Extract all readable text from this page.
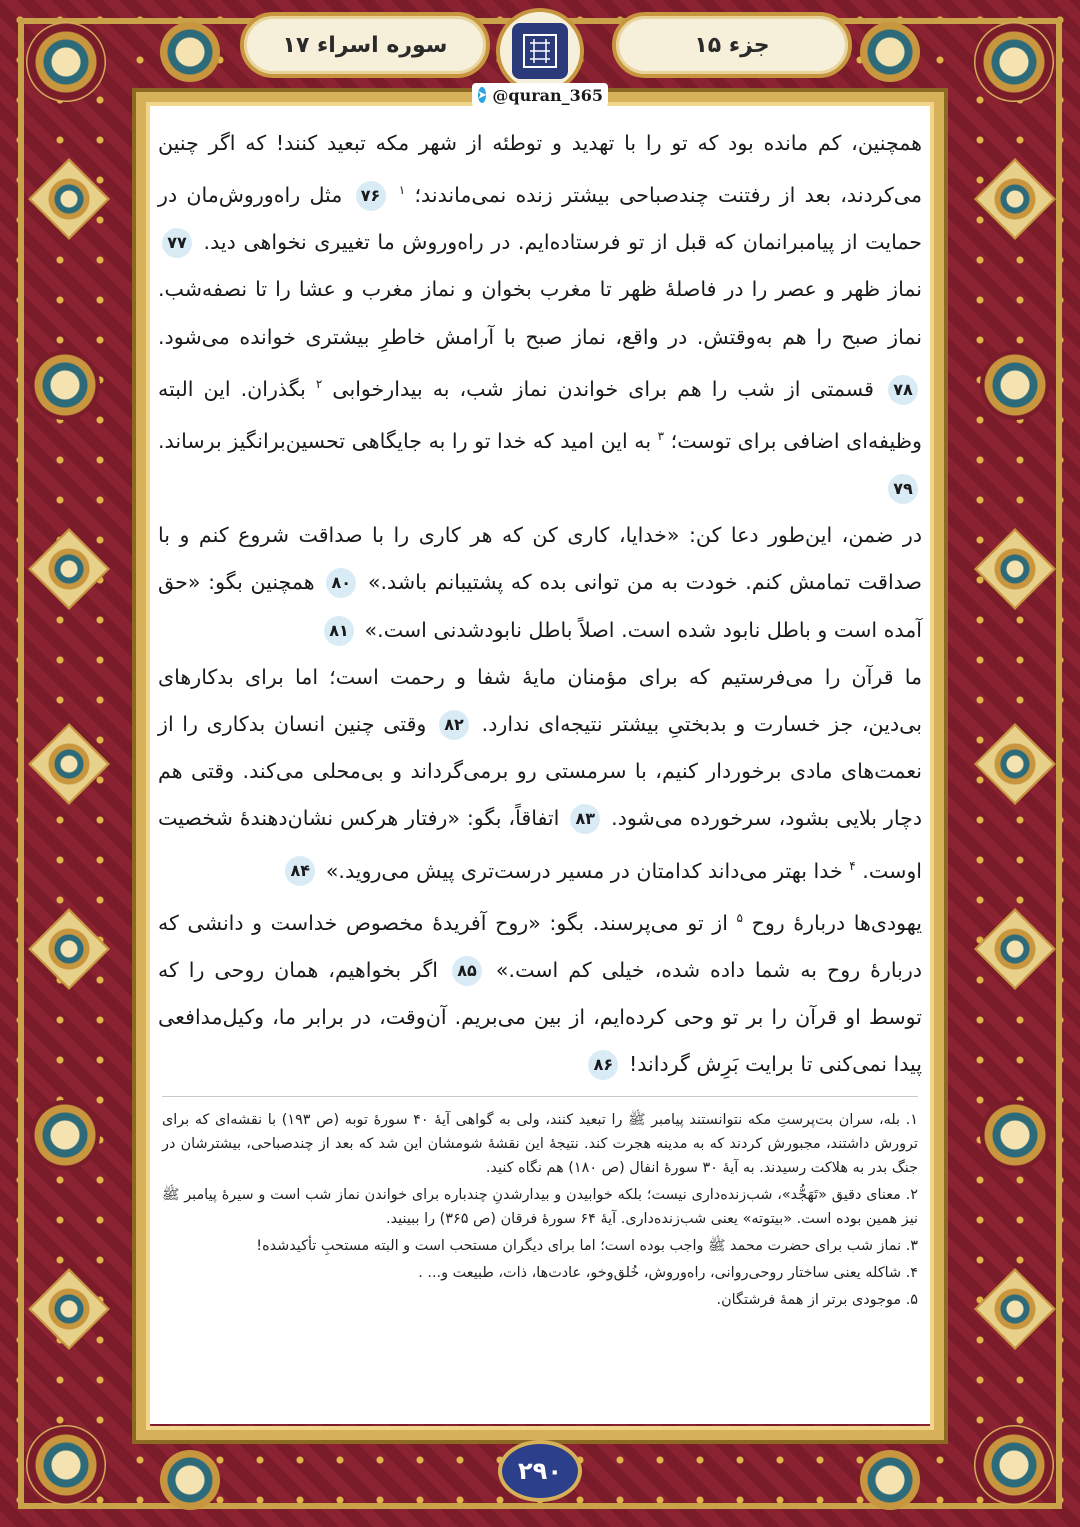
سوره اسراء ۱۷	جزء ۱۵
➤ @quran_365

همچنین، کم مانده بود که تو را با تهدید و توطئه از شهر مکه تبعید کنند! که اگر چنین می‌کردند، بعد از رفتنت چندصباحی بیشتر زنده نمی‌ماندند؛ $^۱$ ۷۶ مثل راه‌وروش‌مان در حمایت از پیامبرانمان که قبل از تو فرستاده‌ایم. در راه‌وروش ما تغییری نخواهی دید. ۷۷ نماز ظهر و عصر را در فاصلهٔ ظهر تا مغرب بخوان و نماز مغرب و عشا را تا نصفه‌شب. نماز صبح را هم به‌وقتش. در واقع، نماز صبح با آرامش خاطرِ بیشتری خوانده می‌شود. ۷۸ قسمتی از شب را هم برای خواندن نماز شب، به بیدارخوابی $^۲$ بگذران. این البته وظیفه‌ای اضافی برای توست؛ $^۳$ به این امید که خدا تو را به جایگاهی تحسین‌برانگیز برساند. ۷۹

در ضمن، این‌طور دعا کن: «خدایا، کاری کن که هر کاری را با صداقت شروع کنم و با صداقت تمامش کنم. خودت به من توانی بده که پشتیبانم باشد.» ۸۰ همچنین بگو: «حق آمده است و باطل نابود شده است. اصلاً باطل نابودشدنی است.» ۸۱

ما قرآن را می‌فرستیم که برای مؤمنان مایهٔ شفا و رحمت است؛ اما برای بدکارهای بی‌دین، جز خسارت و بدبختیِ بیشتر نتیجه‌ای ندارد. ۸۲ وقتی چنین انسان بدکاری را از نعمت‌های مادی برخوردار کنیم، با سرمستی رو برمی‌گرداند و بی‌محلی می‌کند. وقتی هم دچار بلایی بشود، سرخورده می‌شود. ۸۳ اتفاقاً، بگو: «رفتار هرکس نشان‌دهندهٔ شخصیت اوست. $^۴$ خدا بهتر می‌داند کدامتان در مسیر درست‌تری پیش می‌روید.» ۸۴

یهودی‌ها دربارهٔ روح $^۵$ از تو می‌پرسند. بگو: «روح آفریدهٔ مخصوص خداست و دانشی که دربارهٔ روح به شما داده شده، خیلی کم است.» ۸۵ اگر بخواهیم، همان روحی را که توسط او قرآن را بر تو وحی کرده‌ایم، از بین می‌بریم. آن‌وقت، در برابر ما، وکیل‌مدافعی پیدا نمی‌کنی تا برایت بَرِش گرداند! ۸۶

۱. بله، سران بت‌پرستِ مکه نتوانستند پیامبر ﷺ را تبعید کنند، ولی به گواهی آیهٔ ۴۰ سورهٔ توبه (ص ۱۹۳) با نقشه‌ای که برای ترورش داشتند، مجبورش کردند که به مدینه هجرت کند. نتیجهٔ این نقشهٔ شومشان این شد که بعد از چندصباحی، بیشترشان در جنگ بدر به هلاکت رسیدند. به آیهٔ ۳۰ سورهٔ انفال (ص ۱۸۰) هم نگاه کنید.

۲. معنای دقیق «تَهَجُّد»، شب‌زنده‌داری نیست؛ بلکه خوابیدن و بیدارشدنِ چندباره برای خواندن نماز شب است و سیرهٔ پیامبر ﷺ نیز همین بوده است. «بیتوته» یعنی شب‌زنده‌داری. آیهٔ ۶۴ سورهٔ فرقان (ص ۳۶۵) را ببینید.

۳. نماز شب برای حضرت محمد ﷺ واجب بوده است؛ اما برای دیگران مستحب است و البته مستحبِ تأکیدشده!

۴. شاکله یعنی ساختار روحی‌روانی، راه‌وروش، خُلق‌وخو، عادت‌ها، ذات، طبیعت و... .

۵. موجودی برتر از همهٔ فرشتگان.

۲۹۰
